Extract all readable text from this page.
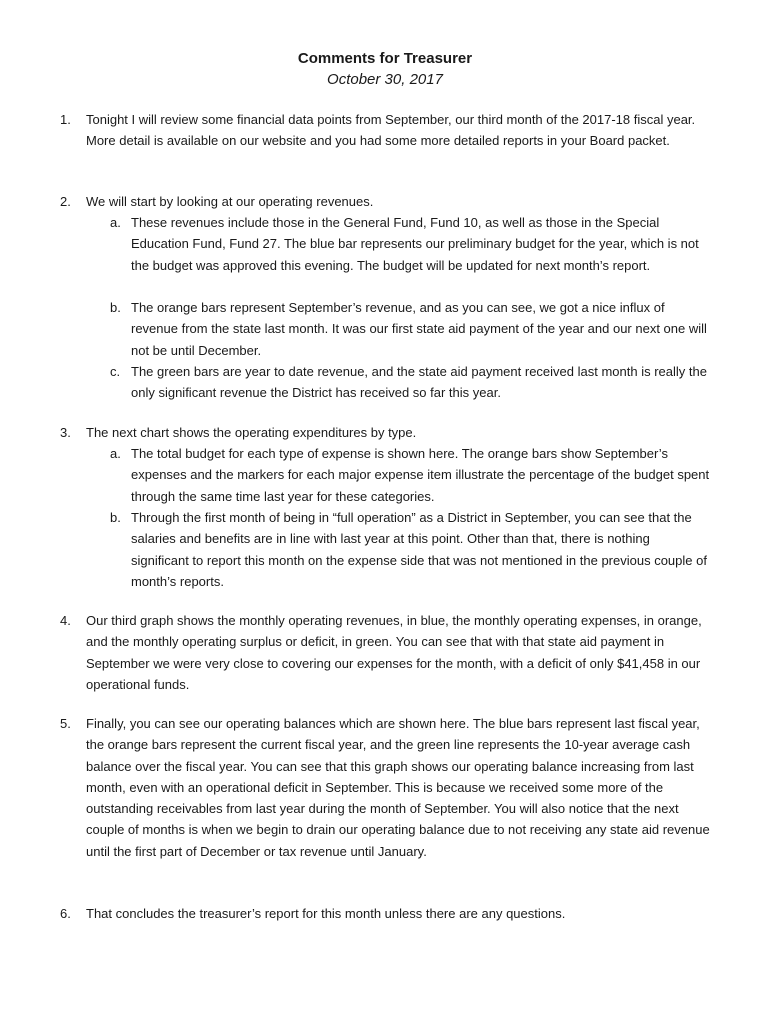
Comments for Treasurer
October 30, 2017
1.	Tonight I will review some financial data points from September, our third month of the 2017-18 fiscal year. More detail is available on our website and you had some more detailed reports in your Board packet.
2.	We will start by looking at our operating revenues.
a. These revenues include those in the General Fund, Fund 10, as well as those in the Special Education Fund, Fund 27. The blue bar represents our preliminary budget for the year, which is not the budget was approved this evening. The budget will be updated for next month’s report.
b. The orange bars represent September’s revenue, and as you can see, we got a nice influx of revenue from the state last month. It was our first state aid payment of the year and our next one will not be until December.
c. The green bars are year to date revenue, and the state aid payment received last month is really the only significant revenue the District has received so far this year.
3.	The next chart shows the operating expenditures by type.
a. The total budget for each type of expense is shown here. The orange bars show September’s expenses and the markers for each major expense item illustrate the percentage of the budget spent through the same time last year for these categories.
b. Through the first month of being in “full operation” as a District in September, you can see that the salaries and benefits are in line with last year at this point. Other than that, there is nothing significant to report this month on the expense side that was not mentioned in the previous couple of month’s reports.
4.	Our third graph shows the monthly operating revenues, in blue, the monthly operating expenses, in orange, and the monthly operating surplus or deficit, in green. You can see that with that state aid payment in September we were very close to covering our expenses for the month, with a deficit of only $41,458 in our operational funds.
5.	Finally, you can see our operating balances which are shown here. The blue bars represent last fiscal year, the orange bars represent the current fiscal year, and the green line represents the 10-year average cash balance over the fiscal year. You can see that this graph shows our operating balance increasing from last month, even with an operational deficit in September. This is because we received some more of the outstanding receivables from last year during the month of September. You will also notice that the next couple of months is when we begin to drain our operating balance due to not receiving any state aid revenue until the first part of December or tax revenue until January.
6.	That concludes the treasurer’s report for this month unless there are any questions.
